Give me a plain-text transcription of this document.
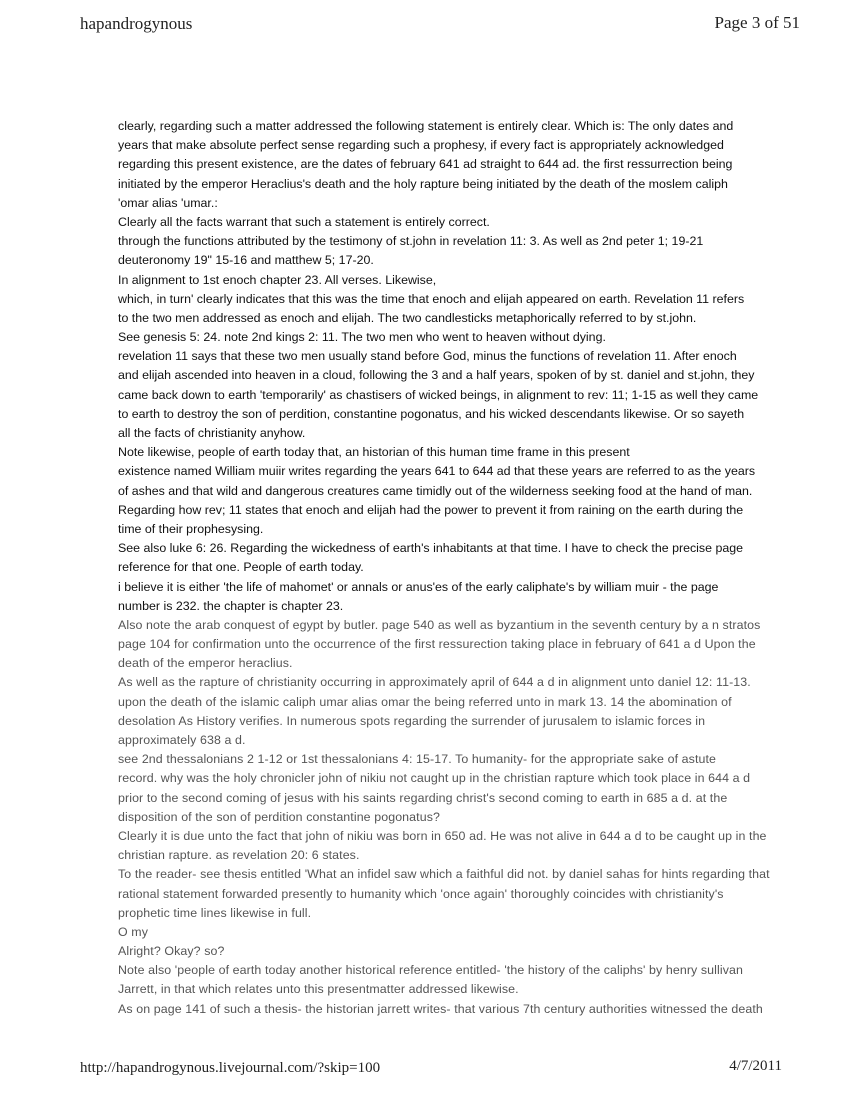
hapandrogynous	Page 3 of 51
clearly, regarding such a matter addressed the following statement is entirely clear. Which is: The only dates and
years that make absolute perfect sense regarding such a prophesy, if every fact is appropriately acknowledged
regarding this present existence, are the dates of february 641 ad straight to 644 ad. the first ressurrection being
initiated by the emperor Heraclius's death and the holy rapture being initiated by the death of the moslem caliph
'omar alias 'umar.:
Clearly all the facts warrant that such a statement is entirely correct.
through the functions attributed by the testimony of st.john in revelation 11: 3. As well as 2nd peter 1; 19-21
deuteronomy 19" 15-16 and matthew 5; 17-20.
In alignment to 1st enoch chapter 23. All verses. Likewise,
which, in turn' clearly indicates that this was the time that enoch and elijah appeared on earth. Revelation 11 refers
to the two men addressed as enoch and elijah. The two candlesticks metaphorically referred to by st.john.
See genesis 5: 24. note 2nd kings 2: 11. The two men who went to heaven without dying.
revelation 11 says that these two men usually stand before God, minus the functions of revelation 11. After enoch
and elijah ascended into heaven in a cloud, following the 3 and a half years, spoken of by st. daniel and st.john, they
came back down to earth 'temporarily' as chastisers of wicked beings, in alignment to rev: 11; 1-15 as well they came
to earth to destroy the son of perdition, constantine pogonatus, and his wicked descendants likewise. Or so sayeth
all the facts of christianity anyhow.
Note likewise, people of earth today that, an historian of this human time frame in this present
existence named William muiir writes regarding the years 641 to 644 ad that these years are referred to as the years
of ashes and that wild and dangerous creatures came timidly out of the wilderness seeking food at the hand of man.
Regarding how rev; 11 states that enoch and elijah had the power to prevent it from raining on the earth during the
time of their prophesysing.
See also luke 6: 26. Regarding the wickedness of earth's inhabitants at that time. I have to check the precise page
reference for that one. People of earth today.
i believe it is either 'the life of mahomet' or annals or anus'es of the early caliphate's by william muir - the page
number is 232. the chapter is chapter 23.
Also note the arab conquest of egypt by butler. page 540 as well as byzantium in the seventh century by a n stratos
page 104 for confirmation unto the occurrence of the first ressurection taking place in february of 641 a d Upon the
death of the emperor heraclius.
As well as the rapture of christianity occurring in approximately april of 644 a d in alignment unto daniel 12: 11-13.
upon the death of the islamic caliph umar alias omar the being referred unto in mark 13. 14 the abomination of
desolation As History verifies. In numerous spots regarding the surrender of jurusalem to islamic forces in
approximately 638 a d.
see 2nd thessalonians 2 1-12 or 1st thessalonians 4: 15-17. To humanity- for the appropriate sake of astute
record. why was the holy chronicler john of nikiu not caught up in the christian rapture which took place in 644 a d
prior to the second coming of jesus with his saints regarding christ's second coming to earth in 685 a d. at the
disposition of the son of perdition constantine pogonatus?
Clearly it is due unto the fact that john of nikiu was born in 650 ad. He was not alive in 644 a d to be caught up in the
christian rapture. as revelation 20: 6 states.
To the reader- see thesis entitled 'What an infidel saw which a faithful did not. by daniel sahas for hints regarding that
rational statement forwarded presently to humanity which 'once again' thoroughly coincides with christianity's
prophetic time lines likewise in full.
O my
Alright? Okay? so?
Note also 'people of earth today another historical reference entitled- 'the history of the caliphs' by henry sullivan
Jarrett, in that which relates unto this presentmatter addressed likewise.
As on page 141 of such a thesis- the historian jarrett writes- that various 7th century authorities witnessed the death
http://hapandrogynous.livejournal.com/?skip=100	4/7/2011
